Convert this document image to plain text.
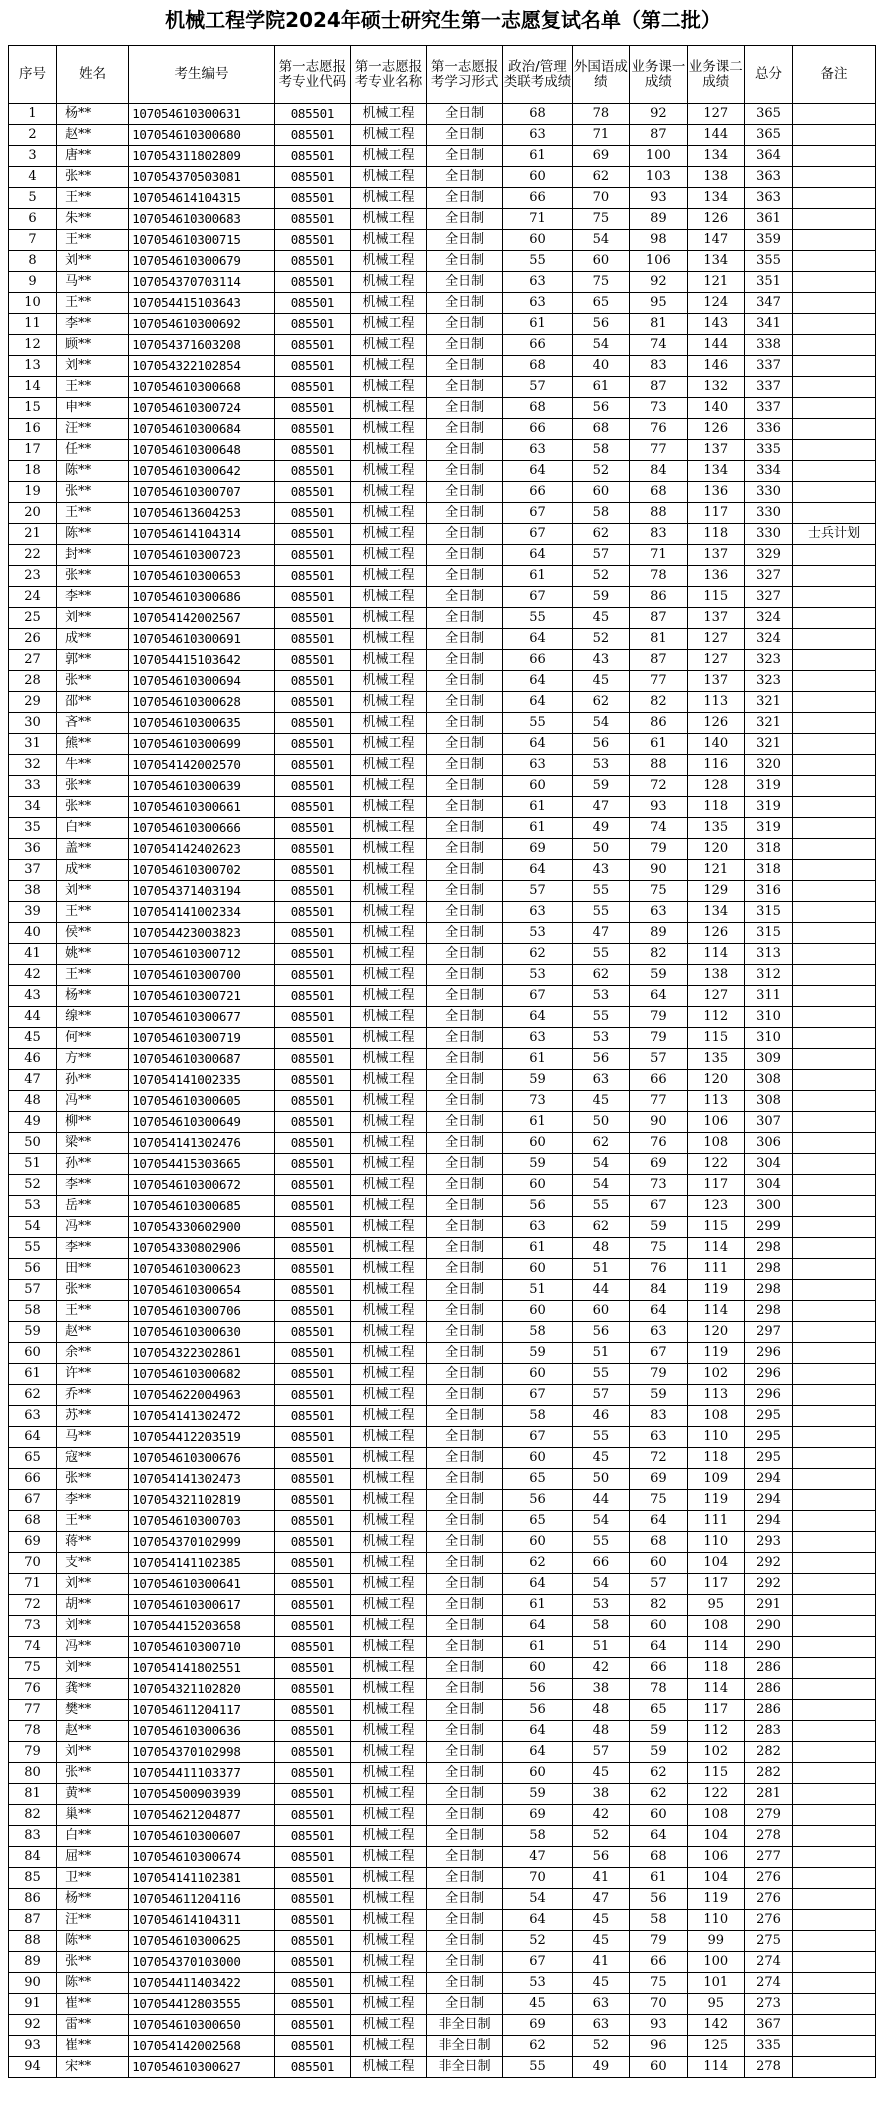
机械工程学院2024年硕士研究生第一志愿复试名单（第二批）
序号	姓名	考生编号	第一志愿报考专业代码	第一志愿报考专业名称	第一志愿报考学习形式	政治/管理类联考成绩	外国语成绩	业务课一成绩	业务课二成绩	总分	备注
1	杨**	107054610300631	085501	机械工程	全日制	68	78	92	127	365	
2	赵**	107054610300680	085501	机械工程	全日制	63	71	87	144	365	
3	唐**	107054311802809	085501	机械工程	全日制	61	69	100	134	364	
4	张**	107054370503081	085501	机械工程	全日制	60	62	103	138	363	
5	王**	107054614104315	085501	机械工程	全日制	66	70	93	134	363	
6	朱**	107054610300683	085501	机械工程	全日制	71	75	89	126	361	
7	王**	107054610300715	085501	机械工程	全日制	60	54	98	147	359	
8	刘**	107054610300679	085501	机械工程	全日制	55	60	106	134	355	
9	马**	107054370703114	085501	机械工程	全日制	63	75	92	121	351	
10	王**	107054415103643	085501	机械工程	全日制	63	65	95	124	347	
11	李**	107054610300692	085501	机械工程	全日制	61	56	81	143	341	
12	顾**	107054371603208	085501	机械工程	全日制	66	54	74	144	338	
13	刘**	107054322102854	085501	机械工程	全日制	68	40	83	146	337	
14	王**	107054610300668	085501	机械工程	全日制	57	61	87	132	337	
15	申**	107054610300724	085501	机械工程	全日制	68	56	73	140	337	
16	汪**	107054610300684	085501	机械工程	全日制	66	68	76	126	336	
17	任**	107054610300648	085501	机械工程	全日制	63	58	77	137	335	
18	陈**	107054610300642	085501	机械工程	全日制	64	52	84	134	334	
19	张**	107054610300707	085501	机械工程	全日制	66	60	68	136	330	
20	王**	107054613604253	085501	机械工程	全日制	67	58	88	117	330	
21	陈**	107054614104314	085501	机械工程	全日制	67	62	83	118	330	士兵计划
22	封**	107054610300723	085501	机械工程	全日制	64	57	71	137	329	
23	张**	107054610300653	085501	机械工程	全日制	61	52	78	136	327	
24	李**	107054610300686	085501	机械工程	全日制	67	59	86	115	327	
25	刘**	107054142002567	085501	机械工程	全日制	55	45	87	137	324	
26	成**	107054610300691	085501	机械工程	全日制	64	52	81	127	324	
27	郭**	107054415103642	085501	机械工程	全日制	66	43	87	127	323	
28	张**	107054610300694	085501	机械工程	全日制	64	45	77	137	323	
29	邵**	107054610300628	085501	机械工程	全日制	64	62	82	113	321	
30	吝**	107054610300635	085501	机械工程	全日制	55	54	86	126	321	
31	熊**	107054610300699	085501	机械工程	全日制	64	56	61	140	321	
32	牛**	107054142002570	085501	机械工程	全日制	63	53	88	116	320	
33	张**	107054610300639	085501	机械工程	全日制	60	59	72	128	319	
34	张**	107054610300661	085501	机械工程	全日制	61	47	93	118	319	
35	白**	107054610300666	085501	机械工程	全日制	61	49	74	135	319	
36	盖**	107054142402623	085501	机械工程	全日制	69	50	79	120	318	
37	成**	107054610300702	085501	机械工程	全日制	64	43	90	121	318	
38	刘**	107054371403194	085501	机械工程	全日制	57	55	75	129	316	
39	王**	107054141002334	085501	机械工程	全日制	63	55	63	134	315	
40	侯**	107054423003823	085501	机械工程	全日制	53	47	89	126	315	
41	姚**	107054610300712	085501	机械工程	全日制	62	55	82	114	313	
42	王**	107054610300700	085501	机械工程	全日制	53	62	59	138	312	
43	杨**	107054610300721	085501	机械工程	全日制	67	53	64	127	311	
44	缐**	107054610300677	085501	机械工程	全日制	64	55	79	112	310	
45	何**	107054610300719	085501	机械工程	全日制	63	53	79	115	310	
46	方**	107054610300687	085501	机械工程	全日制	61	56	57	135	309	
47	孙**	107054141002335	085501	机械工程	全日制	59	63	66	120	308	
48	冯**	107054610300605	085501	机械工程	全日制	73	45	77	113	308	
49	柳**	107054610300649	085501	机械工程	全日制	61	50	90	106	307	
50	梁**	107054141302476	085501	机械工程	全日制	60	62	76	108	306	
51	孙**	107054415303665	085501	机械工程	全日制	59	54	69	122	304	
52	李**	107054610300672	085501	机械工程	全日制	60	54	73	117	304	
53	岳**	107054610300685	085501	机械工程	全日制	56	55	67	123	300	
54	冯**	107054330602900	085501	机械工程	全日制	63	62	59	115	299	
55	李**	107054330802906	085501	机械工程	全日制	61	48	75	114	298	
56	田**	107054610300623	085501	机械工程	全日制	60	51	76	111	298	
57	张**	107054610300654	085501	机械工程	全日制	51	44	84	119	298	
58	王**	107054610300706	085501	机械工程	全日制	60	60	64	114	298	
59	赵**	107054610300630	085501	机械工程	全日制	58	56	63	120	297	
60	余**	107054322302861	085501	机械工程	全日制	59	51	67	119	296	
61	许**	107054610300682	085501	机械工程	全日制	60	55	79	102	296	
62	乔**	107054622004963	085501	机械工程	全日制	67	57	59	113	296	
63	苏**	107054141302472	085501	机械工程	全日制	58	46	83	108	295	
64	马**	107054412203519	085501	机械工程	全日制	67	55	63	110	295	
65	寇**	107054610300676	085501	机械工程	全日制	60	45	72	118	295	
66	张**	107054141302473	085501	机械工程	全日制	65	50	69	109	294	
67	李**	107054321102819	085501	机械工程	全日制	56	44	75	119	294	
68	王**	107054610300703	085501	机械工程	全日制	65	54	64	111	294	
69	蒋**	107054370102999	085501	机械工程	全日制	60	55	68	110	293	
70	支**	107054141102385	085501	机械工程	全日制	62	66	60	104	292	
71	刘**	107054610300641	085501	机械工程	全日制	64	54	57	117	292	
72	胡**	107054610300617	085501	机械工程	全日制	61	53	82	95	291	
73	刘**	107054415203658	085501	机械工程	全日制	64	58	60	108	290	
74	冯**	107054610300710	085501	机械工程	全日制	61	51	64	114	290	
75	刘**	107054141802551	085501	机械工程	全日制	60	42	66	118	286	
76	龚**	107054321102820	085501	机械工程	全日制	56	38	78	114	286	
77	樊**	107054611204117	085501	机械工程	全日制	56	48	65	117	286	
78	赵**	107054610300636	085501	机械工程	全日制	64	48	59	112	283	
79	刘**	107054370102998	085501	机械工程	全日制	64	57	59	102	282	
80	张**	107054411103377	085501	机械工程	全日制	60	45	62	115	282	
81	黄**	107054500903939	085501	机械工程	全日制	59	38	62	122	281	
82	巢**	107054621204877	085501	机械工程	全日制	69	42	60	108	279	
83	白**	107054610300607	085501	机械工程	全日制	58	52	64	104	278	
84	屈**	107054610300674	085501	机械工程	全日制	47	56	68	106	277	
85	卫**	107054141102381	085501	机械工程	全日制	70	41	61	104	276	
86	杨**	107054611204116	085501	机械工程	全日制	54	47	56	119	276	
87	汪**	107054614104311	085501	机械工程	全日制	64	45	58	110	276	
88	陈**	107054610300625	085501	机械工程	全日制	52	45	79	99	275	
89	张**	107054370103000	085501	机械工程	全日制	67	41	66	100	274	
90	陈**	107054411403422	085501	机械工程	全日制	53	45	75	101	274	
91	崔**	107054412803555	085501	机械工程	全日制	45	63	70	95	273	
92	雷**	107054610300650	085501	机械工程	非全日制	69	63	93	142	367	
93	崔**	107054142002568	085501	机械工程	非全日制	62	52	96	125	335	
94	宋**	107054610300627	085501	机械工程	非全日制	55	49	60	114	278	
